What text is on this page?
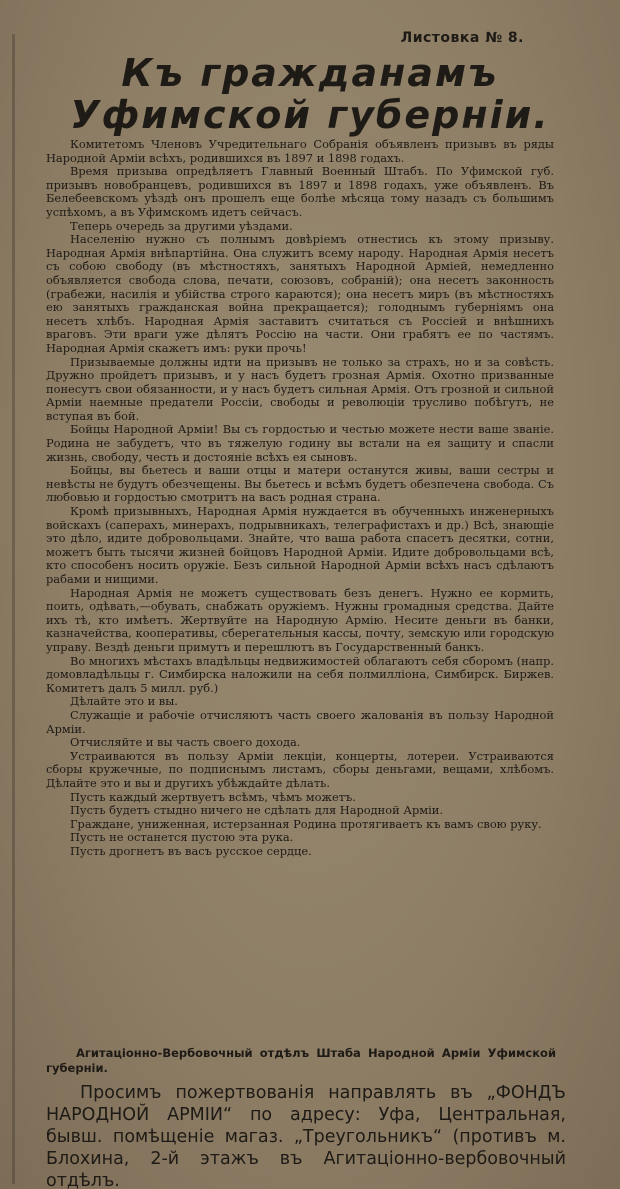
Листовка № 8.
Къ гражданамъ Уфимской губерніи.

Комитетомъ Членовъ Учредительнаго Собранія объявленъ призывъ въ ряды Народной Арміи всѣхъ, родившихся въ 1897 и 1898 годахъ.

Время призыва опредѣляетъ Главный Военный Штабъ. По Уфимской губ. призывъ новобранцевъ, родившихся въ 1897 и 1898 годахъ, уже объявленъ. Въ Белебеевскомъ уѣздѣ онъ прошелъ еще болѣе мѣсяца тому назадъ съ большимъ успѣхомъ, а въ Уфимскомъ идетъ сейчасъ.

Теперь очередь за другими уѣздами.

Населенію нужно съ полнымъ довѣріемъ отнестись къ этому призыву. Народная Армія внѣпартійна. Она служитъ всему народу. Народная Армія несетъ съ собою свободу (въ мѣстностяхъ, занятыхъ Народной Арміей, немедленно объявляется свобода слова, печати, союзовъ, собраній); она несетъ законность (грабежи, насилія и убійства строго караются); она несетъ миръ (въ мѣстностяхъ ею занятыхъ гражданская война прекращается); голоднымъ губерніямъ она несетъ хлѣбъ. Народная Армія заставитъ считаться съ Россіей и внѣшнихъ враговъ. Эти враги уже дѣлятъ Россію на части. Они грабятъ ее по частямъ. Народная Армія скажетъ имъ: руки прочь!

Призываемые должны идти на призывъ не только за страхъ, но и за совѣсть. Дружно пройдетъ призывъ, и у насъ будетъ грозная Армія. Охотно призванные понесутъ свои обязанности, и у насъ будетъ сильная Армія. Отъ грозной и сильной Арміи наемные предатели Россіи, свободы и революціи трусливо побѣгутъ, не вступая въ бой.

Бойцы Народной Арміи! Вы съ гордостью и честью можете нести ваше званіе. Родина не забудетъ, что въ тяжелую годину вы встали на ея защиту и спасли жизнь, свободу, честь и достояніе всѣхъ ея сыновъ.

Бойцы, вы бьетесь и ваши отцы и матери останутся живы, ваши сестры и невѣсты не будутъ обезчещены. Вы бьетесь и всѣмъ будетъ обезпечена свобода. Съ любовью и гордостью смотритъ на васъ родная страна.

Кромѣ призывныхъ, Народная Армія нуждается въ обученныхъ инженерныхъ войскахъ (саперахъ, минерахъ, подрывникахъ, телеграфистахъ и др.) Всѣ, знающіе это дѣло, идите добровольцами. Знайте, что ваша работа спасетъ десятки, сотни, можетъ быть тысячи жизней бойцовъ Народной Арміи. Идите добровольцами всѣ, кто способенъ носить оружіе. Безъ сильной Народной Арміи всѣхъ насъ сдѣлаютъ рабами и нищими.

Народная Армія не можетъ существовать безъ денегъ. Нужно ее кормить, поить, одѣвать,—обувать, снабжать оружіемъ. Нужны громадныя средства. Дайте ихъ тѣ, кто имѣетъ. Жертвуйте на Народную Армію. Несите деньги въ банки, казначейства, кооперативы, сберегательныя кассы, почту, земскую или городскую управу. Вездѣ деньги примутъ и перешлютъ въ Государственный банкъ.

Во многихъ мѣстахъ владѣльцы недвижимостей облагаютъ себя сборомъ (напр. домовладѣльцы г. Симбирска наложили на себя полмилліона, Симбирск. Биржев. Комитетъ далъ 5 милл. руб.)

Дѣлайте это и вы.

Служащіе и рабочіе отчисляютъ часть своего жалованія въ пользу Народной Арміи.

Отчисляйте и вы часть своего дохода.

Устраиваются въ пользу Арміи лекціи, концерты, лотереи. Устраиваются сборы кружечные, по подписнымъ листамъ, сборы деньгами, вещами, хлѣбомъ. Дѣлайте это и вы и другихъ убѣждайте дѣлать.

Пусть каждый жертвуетъ всѣмъ, чѣмъ можетъ.

Пусть будетъ стыдно ничего не сдѣлать для Народной Арміи.

Граждане, униженная, истерзанная Родина протягиваетъ къ вамъ свою руку.

Пусть не останется пустою эта рука.

Пусть дрогнетъ въ васъ русское сердце.

Агитаціонно-Вербовочный отдѣлъ Штаба Народной Арміи Уфимской губерніи.
Просимъ пожертвованія направлять въ „ФОНДЪ НАРОДНОЙ АРМІИ“ по адресу: Уфа, Центральная, бывш. помѣщеніе магаз. „Треугольникъ“ (противъ м. Блохина, 2-й этажъ въ Агитаціонно-вербовочный отдѣлъ.
